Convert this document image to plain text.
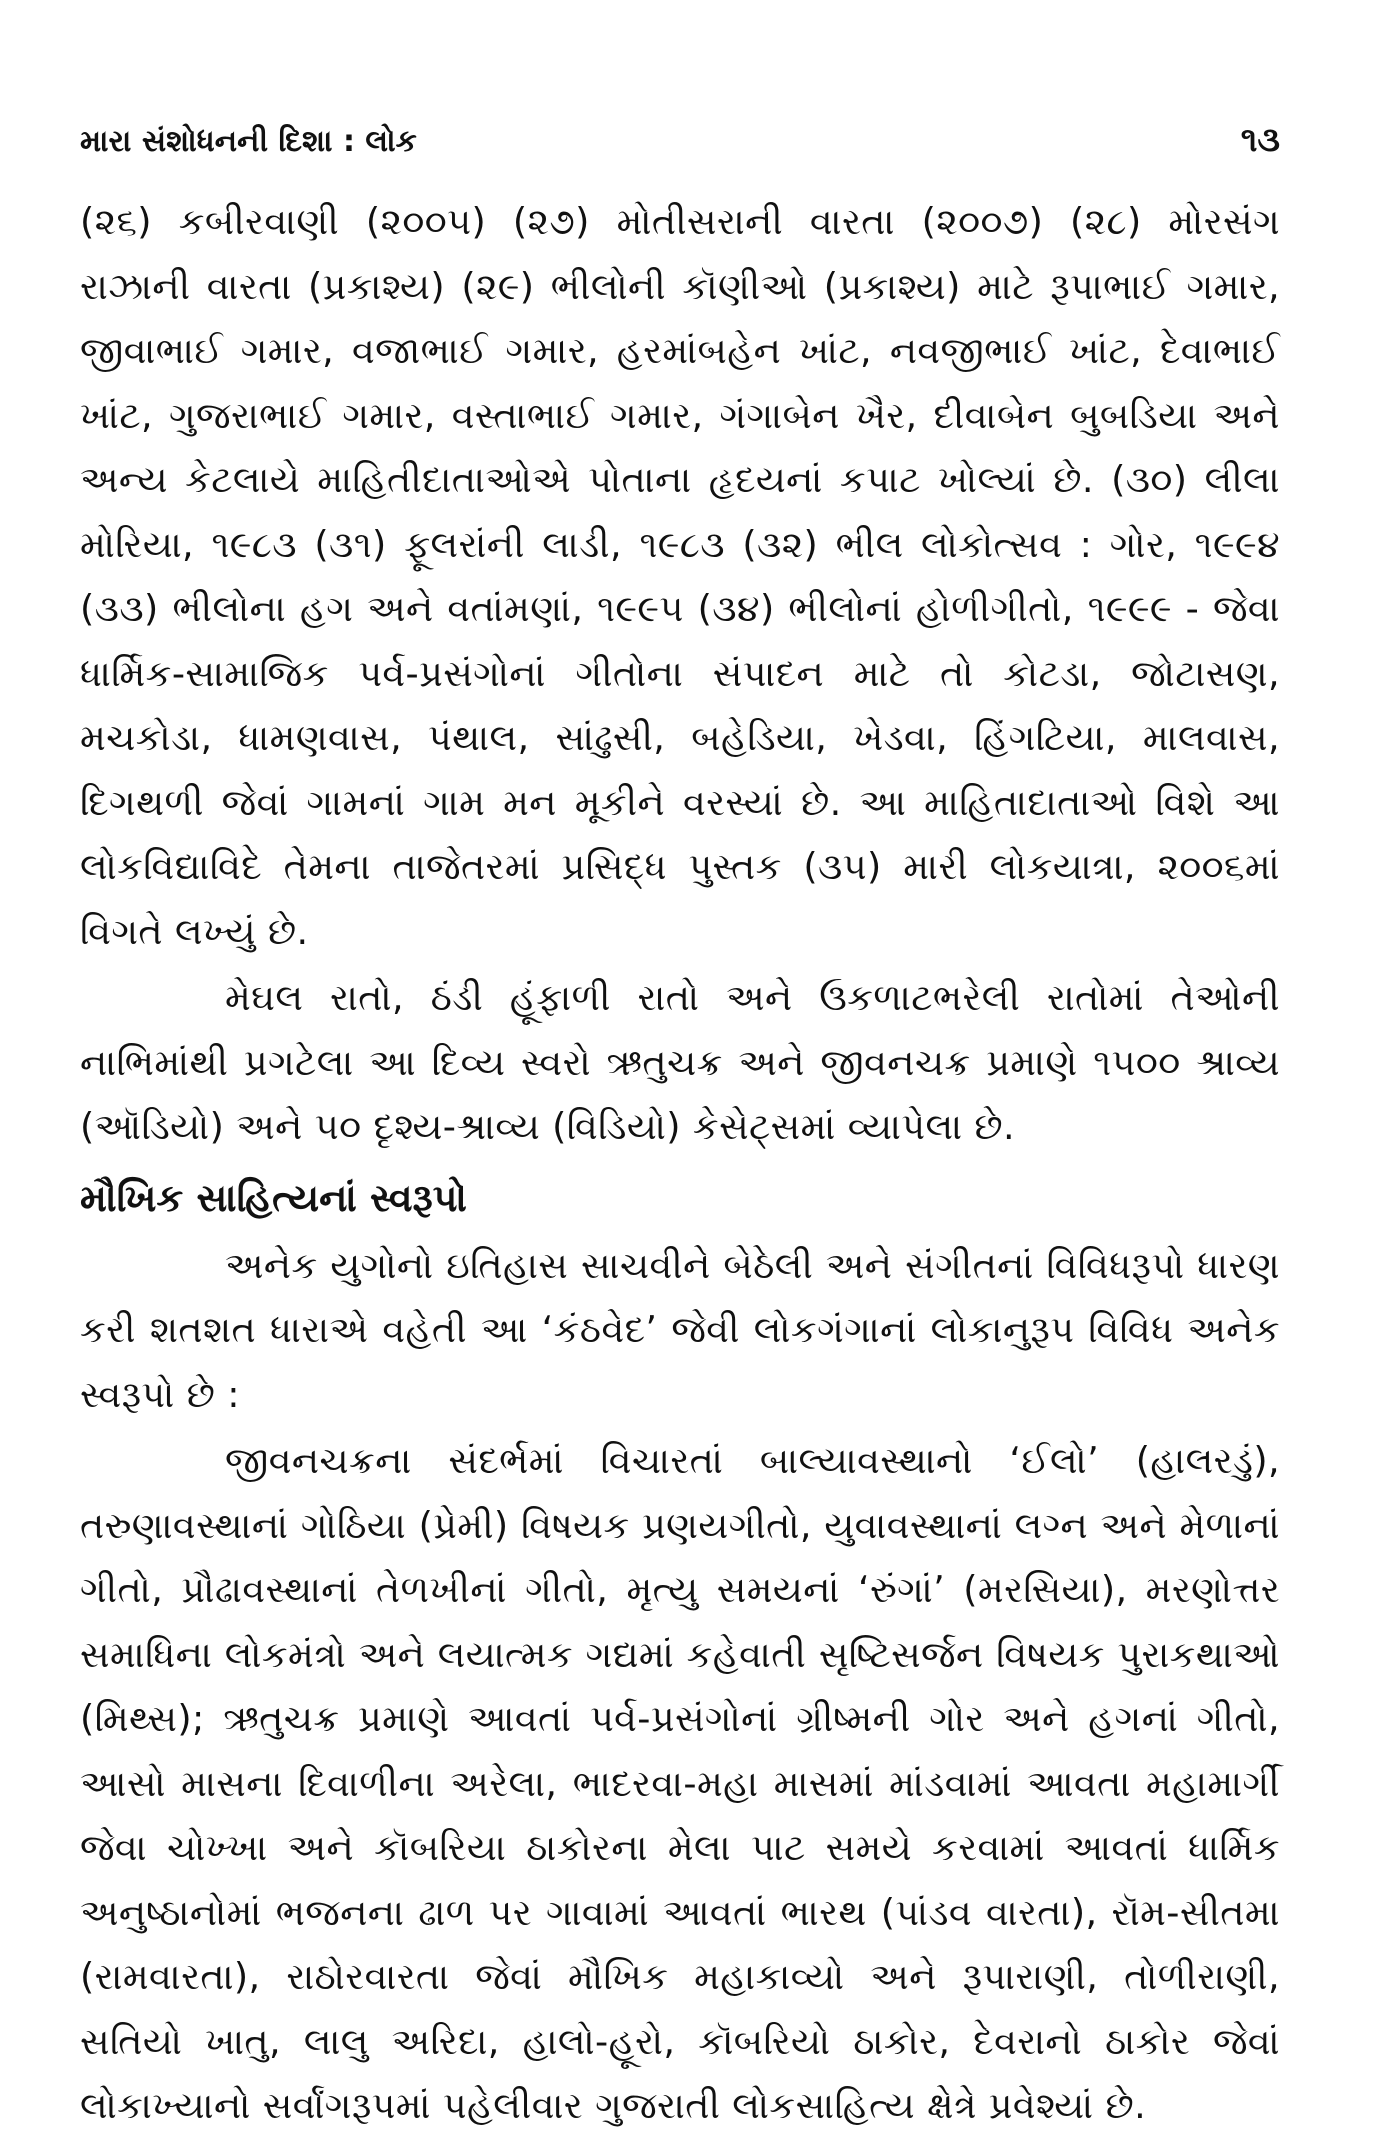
મારા સંશોધનની દિશા : લોક	૧૩

(૨૬) કબીરવાણી (૨૦૦૫) (૨૭) મોતીસરાની વારતા (૨૦૦૭) (૨૮) મોરસંગ રાઝાની વારતા (પ્રકાશ્ય) (૨૯) ભીલોની કૉણીઓ (પ્રકાશ્ય) માટે રૂપાભાઈ ગમાર, જીવાભાઈ ગમાર, વજાભાઈ ગમાર, હરમાંબહેન ખાંટ, નવજીભાઈ ખાંટ, દેવાભાઈ ખાંટ, ગુજરાભાઈ ગમાર, વસ્તાભાઈ ગમાર, ગંગાબેન ખૈર, દીવાબેન બુબડિયા અને અન્ય કેટલાયે માહિતીદાતાઓએ પોતાના હૃદયનાં કપાટ ખોલ્યાં છે. (૩૦) લીલા મોરિયા, ૧૯૮૩ (૩૧) ફૂલરાંની લાડી, ૧૯૮૩ (૩૨) ભીલ લોકોત્સવ : ગોર, ૧૯૯૪ (૩૩) ભીલોના હગ અને વતાંમણાં, ૧૯૯૫ (૩૪) ભીલોનાં હોળીગીતો, ૧૯૯૯ - જેવા ધાર્મિક-સામાજિક પર્વ-પ્રસંગોનાં ગીતોના સંપાદન માટે તો કોટડા, જોટાસણ, મચકોડા, ધામણવાસ, પંથાલ, સાંઢુસી, બહેડિયા, ખેડવા, હિંગટિયા, માલવાસ, દિગથળી જેવાં ગામનાં ગામ મન મૂકીને વરસ્યાં છે. આ માહિતાદાતાઓ વિશે આ લોકવિદ્યાવિદે તેમના તાજેતરમાં પ્રસિદ્ધ પુસ્તક (૩૫) મારી લોકયાત્રા, ૨૦૦૬માં વિગતે લખ્યું છે.

મેઘલ રાતો, ઠંડી હૂંફાળી રાતો અને ઉકળાટભરેલી રાતોમાં તેઓની નાભિમાંથી પ્રગટેલા આ દિવ્ય સ્વરો ઋતુચક્ર અને જીવનચક્ર પ્રમાણે ૧૫૦૦ શ્રાવ્ય (ઑડિયો) અને ૫૦ દૃશ્ય-શ્રાવ્ય (વિડિયો) કેસેટ્સમાં વ્યાપેલા છે.

મૌખિક સાહિત્યનાં સ્વરૂપો

અનેક યુગોનો ઇતિહાસ સાચવીને બેઠેલી અને સંગીતનાં વિવિધરૂપો ધારણ કરી શતશત ધારાએ વહેતી આ ‘કંઠવેદ’ જેવી લોકગંગાનાં લોકાનુરૂપ વિવિધ અનેક સ્વરૂપો છે :

જીવનચક્રના સંદર્ભમાં વિચારતાં બાલ્યાવસ્થાનો ‘ઈલો’ (હાલરડું), તરુણાવસ્થાનાં ગોઠિયા (પ્રેમી) વિષયક પ્રણયગીતો, યુવાવસ્થાનાં લગ્ન અને મેળાનાં ગીતો, પ્રૌઢાવસ્થાનાં તેળખીનાં ગીતો, મૃત્યુ સમયનાં ‘રુંગાં’ (મરસિયા), મરણોત્તર સમાધિના લોકમંત્રો અને લયાત્મક ગદ્યમાં કહેવાતી સૃષ્ટિસર્જન વિષયક પુરાકથાઓ (મિથ્સ); ઋતુચક્ર પ્રમાણે આવતાં પર્વ-પ્રસંગોનાં ગ્રીષ્મની ગોર અને હગનાં ગીતો, આસો માસના દિવાળીના અરેલા, ભાદરવા-મહા માસમાં માંડવામાં આવતા મહામાર્ગી જેવા ચોખ્ખા અને કૉબરિયા ઠાકોરના મેલા પાટ સમયે કરવામાં આવતાં ધાર્મિક અનુષ્ઠાનોમાં ભજનના ઢાળ પર ગાવામાં આવતાં ભારથ (પાંડવ વારતા), રૉમ-સીતમા (રામવારતા), રાઠોરવારતા જેવાં મૌખિક મહાકાવ્યો અને રૂપારાણી, તોળીરાણી, સતિયો ખાતુ, લાલુ અરિદા, હાલો-હૂરો, કૉબરિયો ઠાકોર, દેવરાનો ઠાકોર જેવાં લોકાખ્યાનો સર્વાંગરૂપમાં પહેલીવાર ગુજરાતી લોકસાહિત્ય ક્ષેત્રે પ્રવેશ્યાં છે.
